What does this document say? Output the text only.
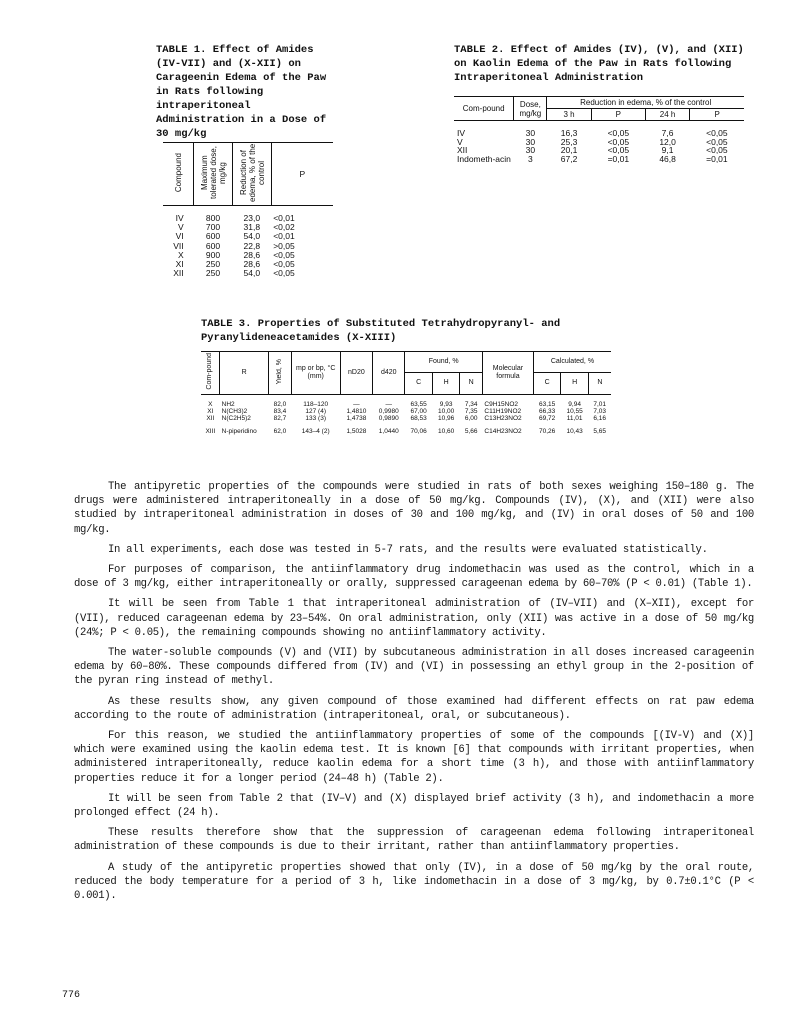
TABLE 1. Effect of Amides (IV-VII) and (X-XII) on Carageenin Edema of the Paw in Rats following intraperitoneal Administration in a Dose of 30 mg/kg
Compound	Maximum tolerated dose, mg/kg	Reduction of edema, % of the control	P
IV	800	23,0	<0,01
V	700	31,8	<0,02
VI	600	54,0	<0,01
VII	600	22,8	>0,05
X	900	28,6	<0,05
XI	250	28,6	<0,05
XII	250	54,0	<0,05
TABLE 2. Effect of Amides (IV), (V), and (XII) on Kaolin Edema of the Paw in Rats following Intraperitoneal Administration
Com-pound	Dose, mg/kg	Reduction in edema, % of the control			
		3 h	P	24 h	P
IV	30	16,3	<0,05	7,6	<0,05
V	30	25,3	<0,05	12,0	<0,05
XII	30	20,1	<0,05	9,1	<0,05
Indometh-acin	3	67,2	=0,01	46,8	=0,01
TABLE 3. Properties of Substituted Tetrahydropyranyl- and Pyranylideneacetamides (X-XIII)
Com-pound	R	Yield, %	mp or bp, °C (mm)	nD20	d420	Found, %			Molecular formula	Calculated, %		
						C	H	N		C	H	N
X	NH2	82,0	118–120	—	—	63,55	9,93	7,34	C9H15NO2	63,15	9,94	7,01
XI	N(CH3)2	83,4	127 (4)	1,4810	0,9980	67,00	10,00	7,35	C11H19NO2	66,33	10,55	7,03
XII	N(C2H5)2	82,7	133 (3)	1,4738	0,9890	68,53	10,96	6,00	C13H23NO2	69,72	11,01	6,16
XIII	N-piperidino	62,0	143–4 (2)	1,5028	1,0440	70,06	10,60	5,66	C14H23NO2	70,26	10,43	5,65

The antipyretic properties of the compounds were studied in rats of both sexes weighing 150–180 g. The drugs were administered intraperitoneally in a dose of 50 mg/kg. Compounds (IV), (X), and (XII) were also studied by intraperitoneal administration in doses of 30 and 100 mg/kg, and (IV) in oral doses of 50 and 100 mg/kg.

In all experiments, each dose was tested in 5-7 rats, and the results were evaluated statistically.

For purposes of comparison, the antiinflammatory drug indomethacin was used as the control, which in a dose of 3 mg/kg, either intraperitoneally or orally, suppressed carageenan edema by 60–70% (P < 0.01) (Table 1).

It will be seen from Table 1 that intraperitoneal administration of (IV–VII) and (X–XII), except for (VII), reduced carageenan edema by 23–54%. On oral administration, only (XII) was active in a dose of 50 mg/kg (24%; P < 0.05), the remaining compounds showing no antiinflammatory activity.

The water-soluble compounds (V) and (VII) by subcutaneous administration in all doses increased carageenin edema by 60–80%. These compounds differed from (IV) and (VI) in possessing an ethyl group in the 2-position of the pyran ring instead of methyl.

As these results show, any given compound of those examined had different effects on rat paw edema according to the route of administration (intraperitoneal, oral, or subcutaneous).

For this reason, we studied the antiinflammatory properties of some of the compounds [(IV-V) and (X)] which were examined using the kaolin edema test. It is known [6] that compounds with irritant properties, when administered intraperitoneally, reduce kaolin edema for a short time (3 h), and those with antiinflammatory properties reduce it for a longer period (24–48 h) (Table 2).

It will be seen from Table 2 that (IV–V) and (X) displayed brief activity (3 h), and indomethacin a more prolonged effect (24 h).

These results therefore show that the suppression of carageenan edema following intraperitoneal administration of these compounds is due to their irritant, rather than antiinflammatory properties.

A study of the antipyretic properties showed that only (IV), in a dose of 50 mg/kg by the oral route, reduced the body temperature for a period of 3 h, like indomethacin in a dose of 3 mg/kg, by 0.7±0.1°C (P < 0.001).

776
